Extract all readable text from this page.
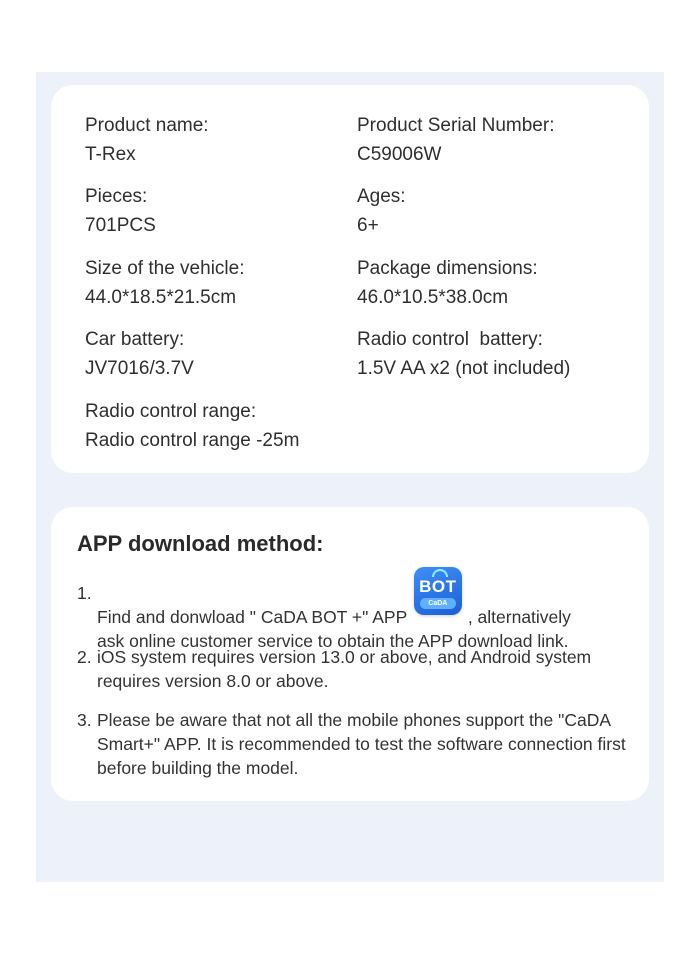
Product name:
T-Rex
Product Serial Number:
C59006W
Pieces:
701PCS
Ages:
6+
Size of the vehicle:
44.0*18.5*21.5cm
Package dimensions:
46.0*10.5*38.0cm
Car battery:
JV7016/3.7V
Radio control  battery:
1.5V AA x2 (not included)
Radio control range:
Radio control range -25m
APP download method:
1.
Find and donwload " CaDA BOT +" APP
BOT
CaDA
, alternatively
ask online customer service to obtain the APP download link.
2. iOS system requires version 13.0 or above, and Android system requires version 8.0 or above.
3. Please be aware that not all the mobile phones support the "CaDA Smart+" APP. It is recommended to test the software connection first before building the model.
